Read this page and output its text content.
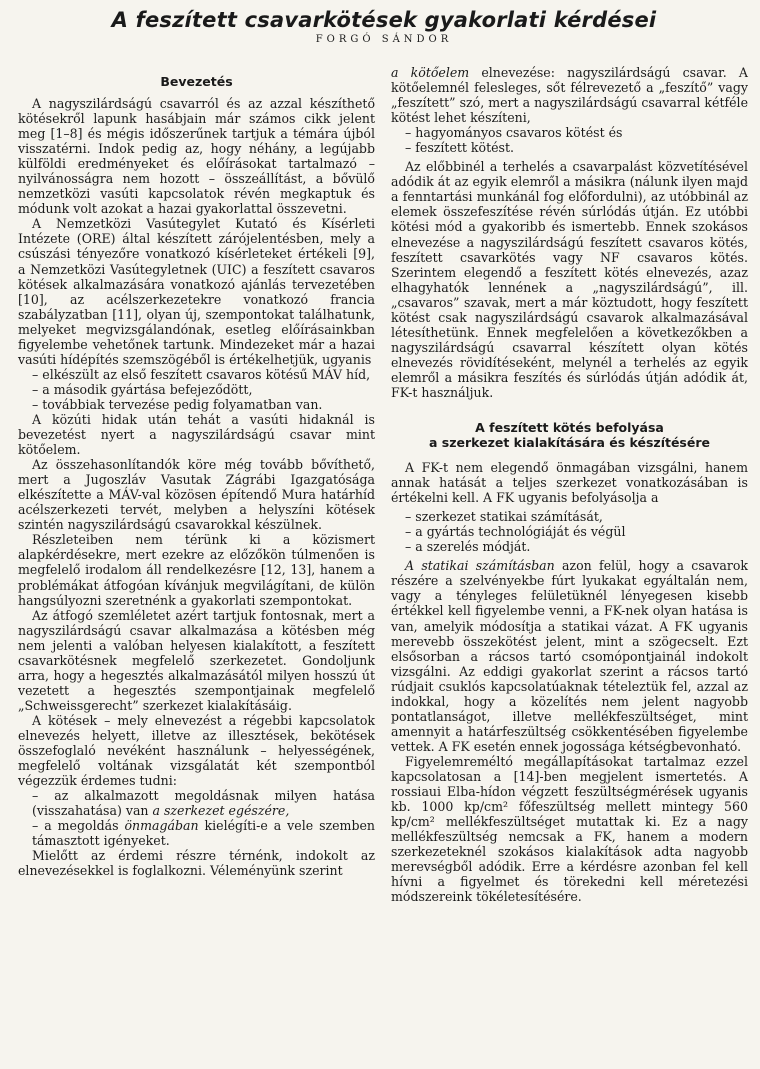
A feszített csavarkötések gyakorlati kérdései
FORGÓ SÁNDOR
Bevezetés

A nagyszilárdságú csavarról és az azzal készíthető kötésekről lapunk hasábjain már számos cikk jelent meg [1–8] és mégis időszerűnek tartjuk a témára újból visszatérni. Indok pedig az, hogy néhány, a legújabb külföldi eredményeket és előírásokat tartalmazó – nyilvánosságra nem hozott – összeállítást, a bővülő nemzetközi vasúti kapcsolatok révén megkaptuk és módunk volt azokat a hazai gyakorlattal összevetni.

A Nemzetközi Vasútegylet Kutató és Kísérleti Intézete (ORE) által készített zárójelentésben, mely a csúszási tényezőre vonatkozó kísérleteket értékeli [9], a Nemzetközi Vasútegyletnek (UIC) a feszített csavaros kötések alkalmazására vonatkozó ajánlás tervezetében [10], az acélszerkezetekre vonatkozó francia szabályzatban [11], olyan új, szempontokat találhatunk, melyeket megvizsgálandónak, esetleg előírásainkban figyelembe vehetőnek tartunk. Mindezeket már a hazai vasúti hídépítés szemszögéből is értékelhetjük, ugyanis

– elkészült az első feszített csavaros kötésű MÁV híd,
– a második gyártása befejeződött,
– továbbiak tervezése pedig folyamatban van.

A közúti hidak után tehát a vasúti hidaknál is bevezetést nyert a nagyszilárdságú csavar mint kötőelem.

Az összehasonlítandók köre még tovább bővíthető, mert a Jugoszláv Vasutak Zágrábi Igazgatósága elkészítette a MÁV-val közösen építendő Mura határhíd acélszerkezeti tervét, melyben a helyszíni kötések szintén nagyszilárdságú csavarokkal készülnek.

Részleteiben nem térünk ki a közismert alapkérdésekre, mert ezekre az előzőkön túlmenően is megfelelő irodalom áll rendelkezésre [12, 13], hanem a problémákat átfogóan kívánjuk megvilágítani, de külön hangsúlyozni szeretnénk a gyakorlati szempontokat.

Az átfogó szemléletet azért tartjuk fontosnak, mert a nagyszilárdságú csavar alkalmazása a kötésben még nem jelenti a valóban helyesen kialakított, a feszített csavarkötésnek megfelelő szerkezetet. Gondoljunk arra, hogy a hegesztés alkalmazásától milyen hosszú út vezetett a hegesztés szempontjainak megfelelő „Schweissgerecht” szerkezet kialakításáig.

A kötések – mely elnevezést a régebbi kapcsolatok elnevezés helyett, illetve az illesztések, bekötések összefoglaló nevéként használunk – helyességének, megfelelő voltának vizsgálatát két szempontból végezzük érdemes tudni:

– az alkalmazott megoldásnak milyen hatása (visszahatása) van a szerkezet egészére,
– a megoldás önmagában kielégíti-e a vele szemben támasztott igényeket.

Mielőtt az érdemi részre térnénk, indokolt az elnevezésekkel is foglalkozni. Véleményünk szerint

a kötőelem elnevezése: nagyszilárdságú csavar. A kötőelemnél felesleges, sőt félrevezető a „feszítő” vagy „feszített” szó, mert a nagyszilárdságú csavarral kétféle kötést lehet készíteni,

– hagyományos csavaros kötést és
– feszített kötést.

Az előbbinél a terhelés a csavarpalást közvetítésével adódik át az egyik elemről a másikra (nálunk ilyen majd a fenntartási munkánál fog előfordulni), az utóbbinál az elemek összefeszítése révén súrlódás útján. Ez utóbbi kötési mód a gyakoribb és ismertebb. Ennek szokásos elnevezése a nagyszilárdságú feszített csavaros kötés, feszített csavarkötés vagy NF csavaros kötés. Szerintem elegendő a feszített kötés elnevezés, azaz elhagyhatók lennének a „nagyszilárdságú”, ill. „csavaros” szavak, mert a már köztudott, hogy feszített kötést csak nagyszilárdságú csavarok alkalmazásával létesíthetünk. Ennek megfelelően a következőkben a nagyszilárdságú csavarral készített olyan kötés elnevezés rövidítéseként, melynél a terhelés az egyik elemről a másikra feszítés és súrlódás útján adódik át, FK-t használjuk.

A feszített kötés befolyása
a szerkezet kialakítására és készítésére

A FK-t nem elegendő önmagában vizsgálni, hanem annak hatását a teljes szerkezet vonatkozásában is értékelni kell. A FK ugyanis befolyásolja a

– szerkezet statikai számítását,
– a gyártás technológiáját és végül
– a szerelés módját.

A statikai számításban azon felül, hogy a csavarok részére a szelvényekbe fúrt lyukakat egyáltalán nem, vagy a tényleges felületüknél lényegesen kisebb értékkel kell figyelembe venni, a FK-nek olyan hatása is van, amelyik módosítja a statikai vázat. A FK ugyanis merevebb összekötést jelent, mint a szögecselt. Ezt elsősorban a rácsos tartó csomópontjainál indokolt vizsgálni. Az eddigi gyakorlat szerint a rácsos tartó rúdjait csuklós kapcsolatúaknak tételeztük fel, azzal az indokkal, hogy a közelítés nem jelent nagyobb pontatlanságot, illetve mellékfeszültséget, mint amennyit a határfeszültség csökkentésében figyelembe vettek. A FK esetén ennek jogossága kétségbevonható.

Figyelemreméltó megállapításokat tartalmaz ezzel kapcsolatosan a [14]-ben megjelent ismertetés. A rossiaui Elba-hídon végzett feszültségmérések ugyanis kb. 1000 kp/cm² főfeszültség mellett mintegy 560 kp/cm² mellékfeszültséget mutattak ki. Ez a nagy mellékfeszültség nemcsak a FK, hanem a modern szerkezeteknél szokásos kialakítások adta nagyobb merevségből adódik. Erre a kérdésre azonban fel kell hívni a figyelmet és törekedni kell méretezési módszereink tökéletesítésére.
